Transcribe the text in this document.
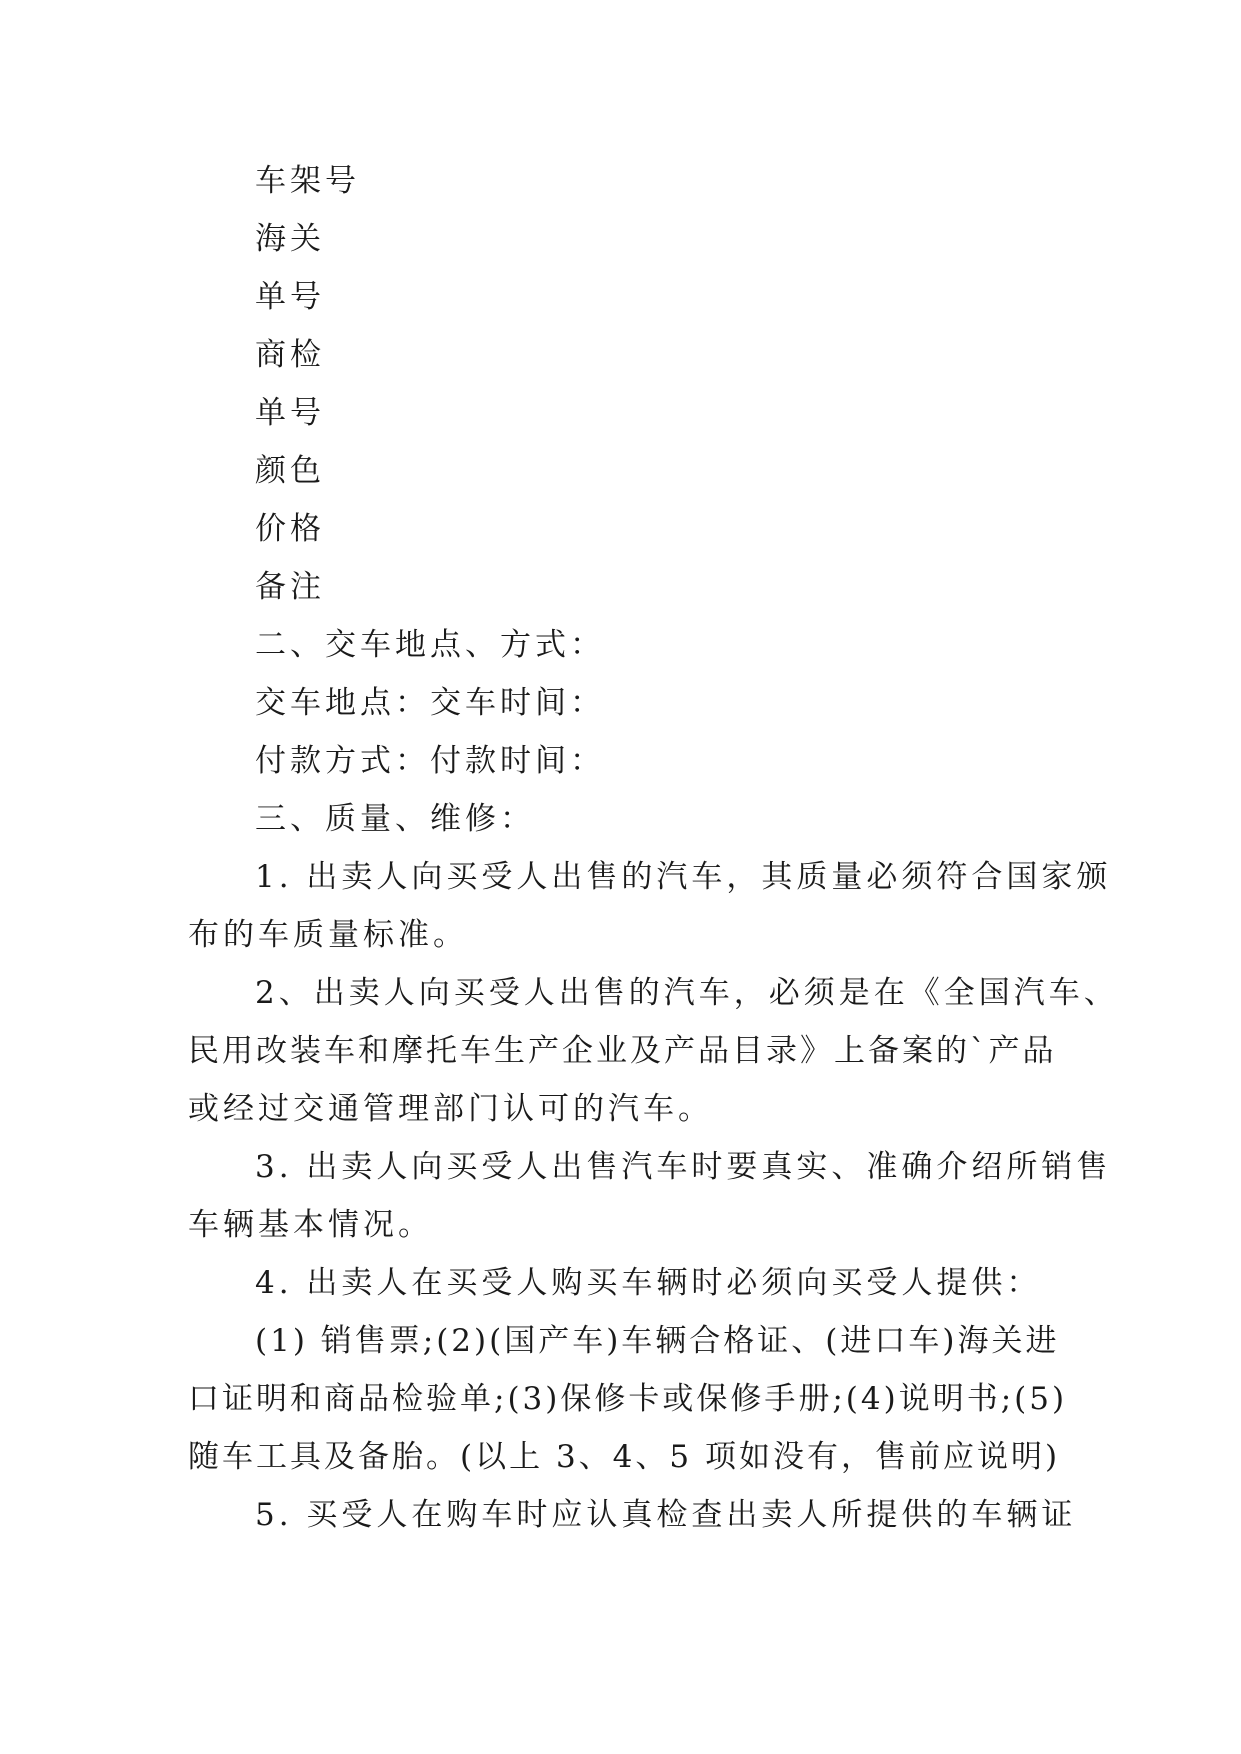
车架号
海关
单号
商检
单号
颜色
价格
备注
二、交车地点、方式：
交车地点：交车时间：
付款方式：付款时间：
三、质量、维修：
1. 出卖人向买受人出售的汽车，其质量必须符合国家颁
布的车质量标准。
2、出卖人向买受人出售的汽车，必须是在《全国汽车、
民用改装车和摩托车生产企业及产品目录》上备案的`产品
或经过交通管理部门认可的汽车。
3. 出卖人向买受人出售汽车时要真实、准确介绍所销售
车辆基本情况。
4. 出卖人在买受人购买车辆时必须向买受人提供：
(1) 销售票;(2)(国产车)车辆合格证、(进口车)海关进
口证明和商品检验单;(3)保修卡或保修手册;(4)说明书;(5)
随车工具及备胎。(以上 3、4、5 项如没有，售前应说明)
5. 买受人在购车时应认真检查出卖人所提供的车辆证
